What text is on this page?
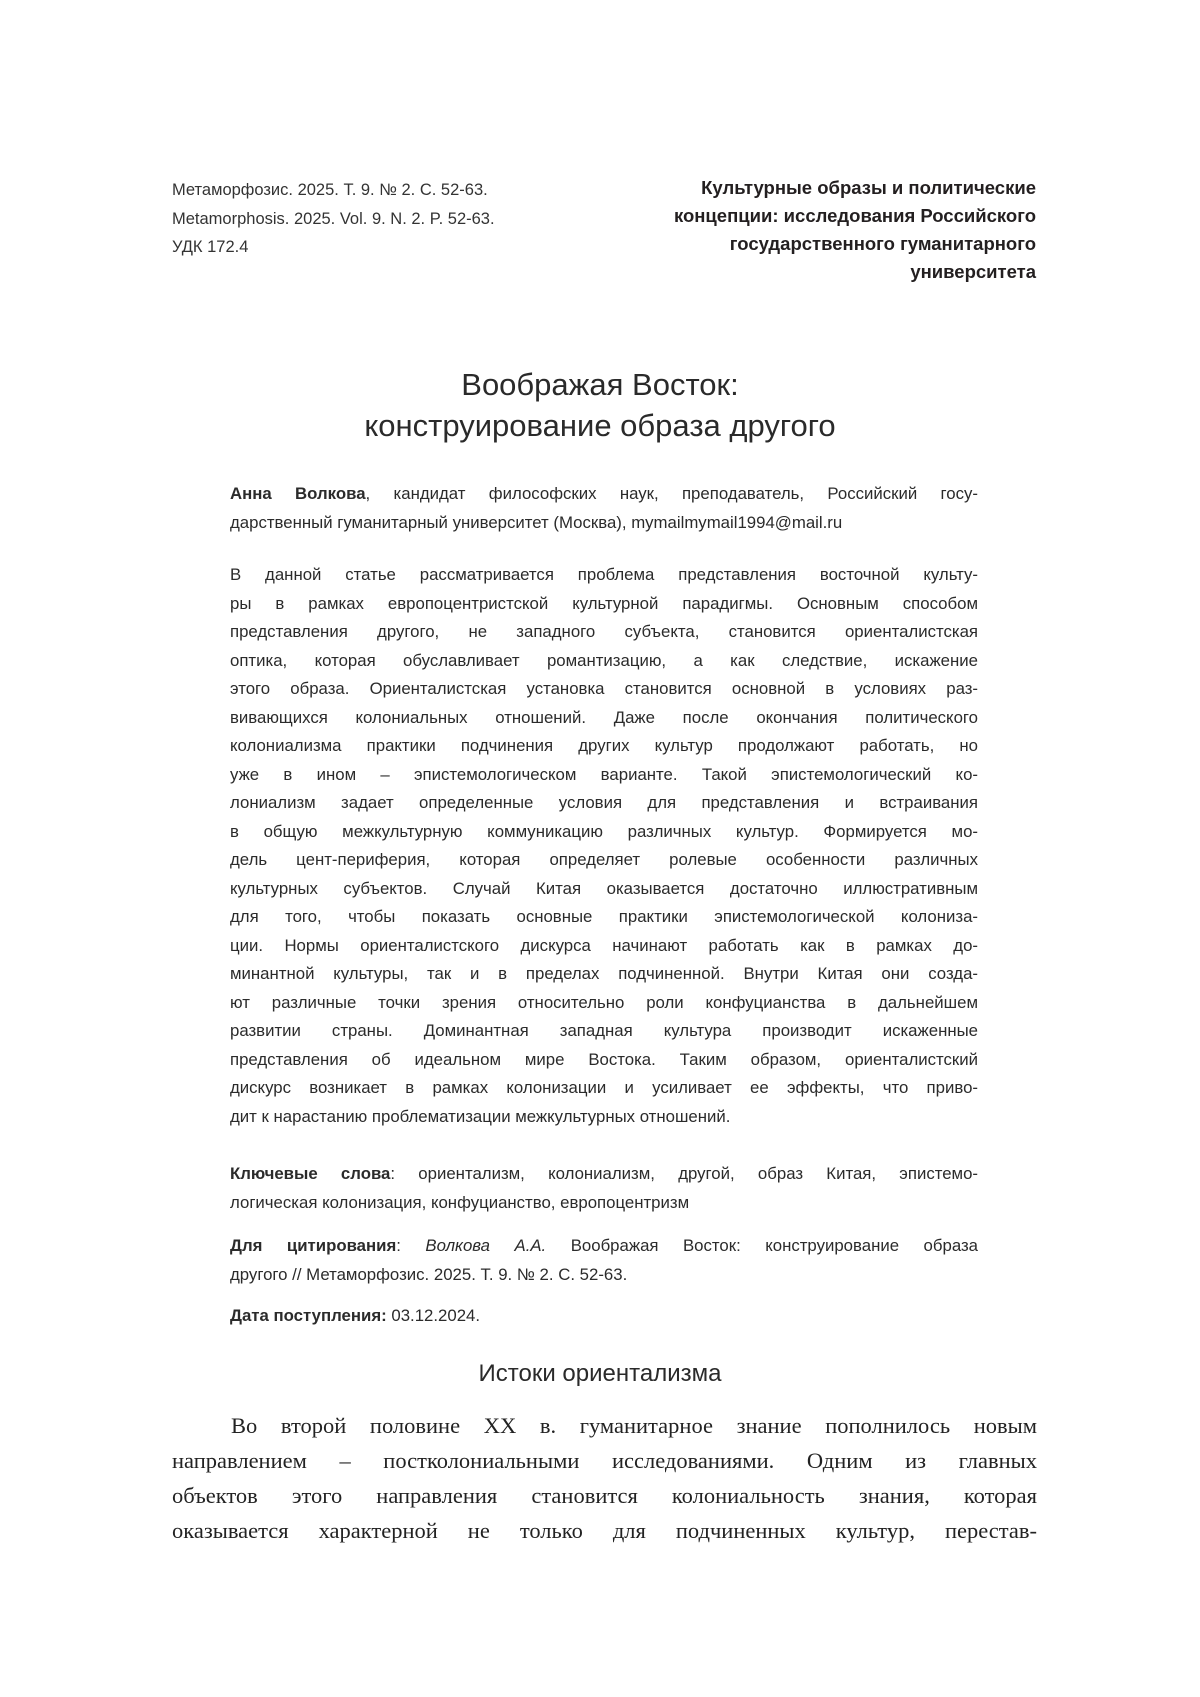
Метаморфозис. 2025. Т. 9. № 2. С. 52-63.
Metamorphosis. 2025. Vol. 9. N. 2. P. 52-63.
УДК 172.4
Культурные образы и политические
концепции: исследования Российского
государственного гуманитарного
университета
Воображая Восток:
конструирование образа другого
Анна Волкова, кандидат философских наук, преподаватель, Российский госу-
дарственный гуманитарный университет (Москва), mymailmymail1994@mail.ru
В данной статье рассматривается проблема представления восточной культу-
ры в рамках европоцентристской культурной парадигмы. Основным способом
представления другого, не западного субъекта, становится ориенталистская
оптика, которая обуславливает романтизацию, а как следствие, искажение
этого образа. Ориенталистская установка становится основной в условиях раз-
вивающихся колониальных отношений. Даже после окончания политического
колониализма практики подчинения других культур продолжают работать, но
уже в ином – эпистемологическом варианте. Такой эпистемологический ко-
лониализм задает определенные условия для представления и встраивания
в общую межкультурную коммуникацию различных культур. Формируется мо-
дель цент-периферия, которая определяет ролевые особенности различных
культурных субъектов. Случай Китая оказывается достаточно иллюстративным
для того, чтобы показать основные практики эпистемологической колониза-
ции. Нормы ориенталистского дискурса начинают работать как в рамках до-
минантной культуры, так и в пределах подчиненной. Внутри Китая они созда-
ют различные точки зрения относительно роли конфуцианства в дальнейшем
развитии страны. Доминантная западная культура производит искаженные
представления об идеальном мире Востока. Таким образом, ориенталистский
дискурс возникает в рамках колонизации и усиливает ее эффекты, что приво-
дит к нарастанию проблематизации межкультурных отношений.
Ключевые слова: ориентализм, колониализм, другой, образ Китая, эпистемо-
логическая колонизация, конфуцианство, европоцентризм
Для цитирования: Волкова А.А. Воображая Восток: конструирование образа
другого // Метаморфозис. 2025. Т. 9. № 2. С. 52-63.
Дата поступления: 03.12.2024.
Истоки ориентализма
Во второй половине XX в. гуманитарное знание пополнилось новым
направлением – постколониальными исследованиями. Одним из главных
объектов этого направления становится колониальность знания, которая
оказывается характерной не только для подчиненных культур, перестав-
